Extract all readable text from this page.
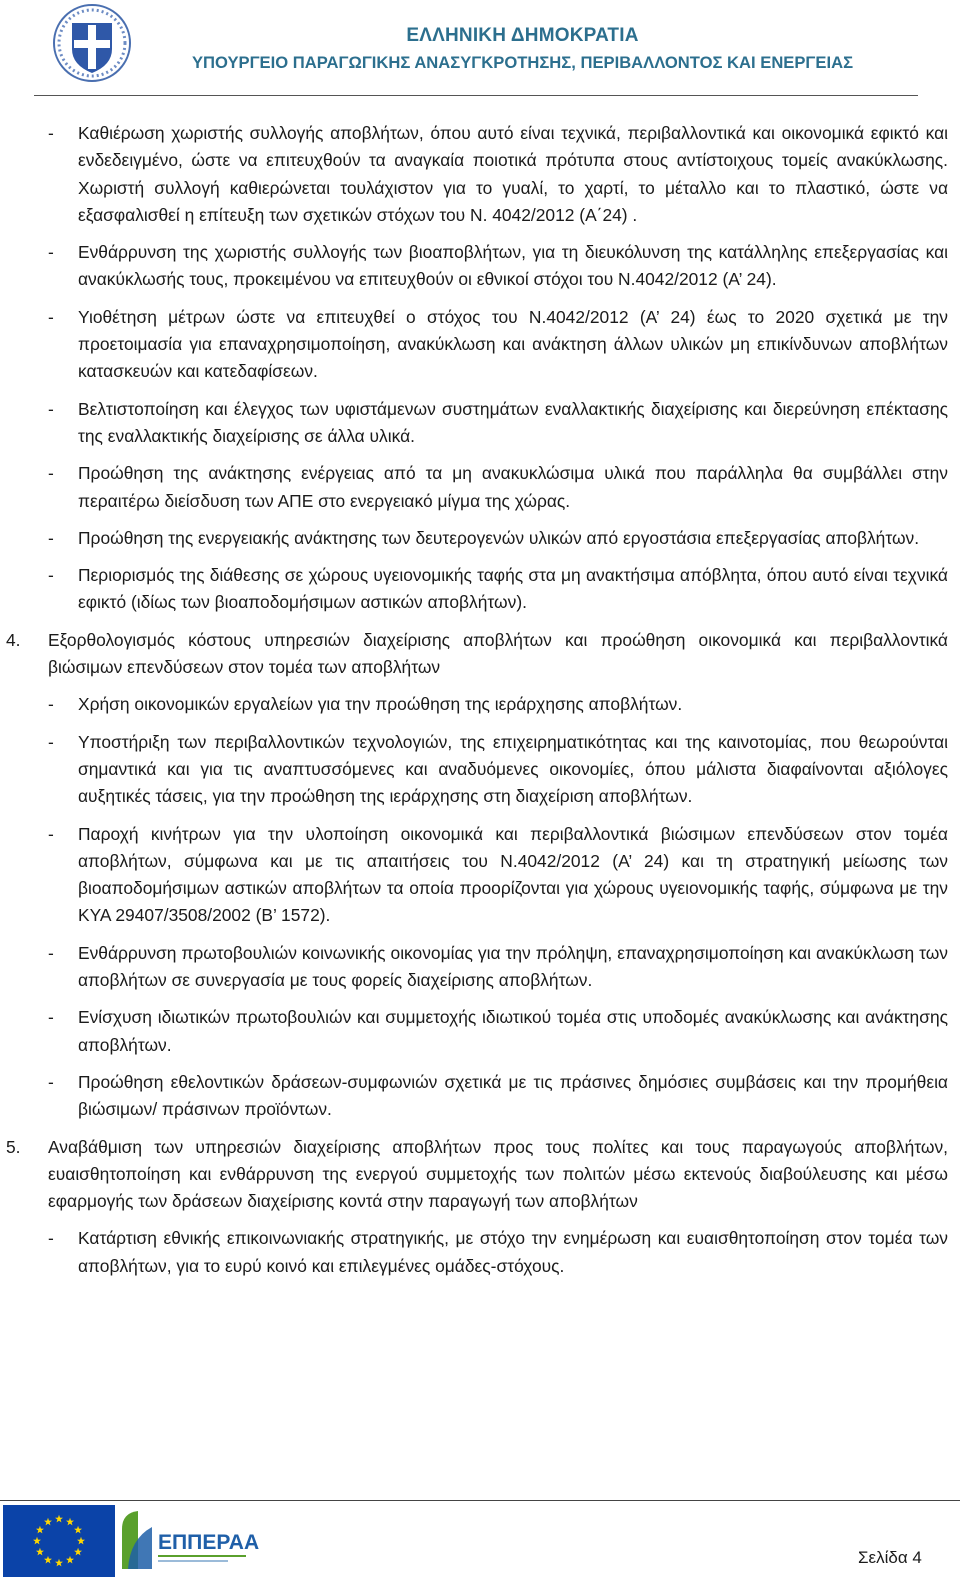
ΕΛΛΗΝΙΚΗ ΔΗΜΟΚΡΑΤΙΑ
ΥΠΟΥΡΓΕΙΟ ΠΑΡΑΓΩΓΙΚΗΣ ΑΝΑΣΥΓΚΡΟΤΗΣΗΣ, ΠΕΡΙΒΑΛΛΟΝΤΟΣ ΚΑΙ ΕΝΕΡΓΕΙΑΣ

- Καθιέρωση χωριστής συλλογής αποβλήτων, όπου αυτό είναι τεχνικά, περιβαλλοντικά και οικονομικά εφικτό και ενδεδειγμένο, ώστε να επιτευχθούν τα αναγκαία ποιοτικά πρότυπα στους αντίστοιχους τομείς ανακύκλωσης. Χωριστή συλλογή καθιερώνεται τουλάχιστον για το γυαλί, το χαρτί, το μέταλλο και το πλαστικό, ώστε να εξασφαλισθεί η επίτευξη των σχετικών στόχων του Ν. 4042/2012 (Α΄24) .

- Ενθάρρυνση της χωριστής συλλογής των βιοαποβλήτων, για τη διευκόλυνση της κατάλληλης επεξεργασίας και ανακύκλωσής τους, προκειμένου να επιτευχθούν οι εθνικοί στόχοι του Ν.4042/2012 (Α’ 24).

- Υιοθέτηση μέτρων ώστε να επιτευχθεί ο στόχος του Ν.4042/2012 (Α’ 24) έως το 2020 σχετικά με την προετοιμασία για επαναχρησιμοποίηση, ανακύκλωση και ανάκτηση άλλων υλικών μη επικίνδυνων αποβλήτων κατασκευών και κατεδαφίσεων.

- Βελτιστοποίηση και έλεγχος των υφιστάμενων συστημάτων εναλλακτικής διαχείρισης και διερεύνηση επέκτασης της εναλλακτικής διαχείρισης σε άλλα υλικά.

- Προώθηση της ανάκτησης ενέργειας από τα μη ανακυκλώσιμα υλικά που παράλληλα θα συμβάλλει στην περαιτέρω διείσδυση των ΑΠΕ στο ενεργειακό μίγμα της χώρας.

- Προώθηση της ενεργειακής ανάκτησης των δευτερογενών υλικών από εργοστάσια επεξεργασίας αποβλήτων.

- Περιορισμός της διάθεσης σε χώρους υγειονομικής ταφής στα μη ανακτήσιμα απόβλητα, όπου αυτό είναι τεχνικά εφικτό (ιδίως των βιοαποδομήσιμων αστικών αποβλήτων).

4. Εξορθολογισμός κόστους υπηρεσιών διαχείρισης αποβλήτων και προώθηση οικονομικά και περιβαλλοντικά βιώσιμων επενδύσεων στον τομέα των αποβλήτων

- Χρήση οικονομικών εργαλείων για την προώθηση της ιεράρχησης αποβλήτων.

- Υποστήριξη των περιβαλλοντικών τεχνολογιών, της επιχειρηματικότητας και της καινοτομίας, που θεωρούνται σημαντικά και για τις αναπτυσσόμενες και αναδυόμενες οικονομίες, όπου μάλιστα διαφαίνονται αξιόλογες αυξητικές τάσεις, για την προώθηση της ιεράρχησης στη διαχείριση αποβλήτων.

- Παροχή κινήτρων για την υλοποίηση οικονομικά και περιβαλλοντικά βιώσιμων επενδύσεων στον τομέα αποβλήτων, σύμφωνα και με τις απαιτήσεις του Ν.4042/2012 (Α’ 24) και τη στρατηγική μείωσης των βιοαποδομήσιμων αστικών αποβλήτων τα οποία προορίζονται για χώρους υγειονομικής ταφής, σύμφωνα με την ΚΥΑ 29407/3508/2002 (Β’ 1572).

- Ενθάρρυνση πρωτοβουλιών κοινωνικής οικονομίας για την πρόληψη, επαναχρησιμοποίηση και ανακύκλωση των αποβλήτων σε συνεργασία με τους φορείς διαχείρισης αποβλήτων.

- Ενίσχυση ιδιωτικών πρωτοβουλιών και συμμετοχής ιδιωτικού τομέα στις υποδομές ανακύκλωσης και ανάκτησης αποβλήτων.

- Προώθηση εθελοντικών δράσεων-συμφωνιών σχετικά με τις πράσινες δημόσιες συμβάσεις και την προμήθεια βιώσιμων/ πράσινων προϊόντων.

5. Αναβάθμιση των υπηρεσιών διαχείρισης αποβλήτων προς τους πολίτες και τους παραγωγούς αποβλήτων, ευαισθητοποίηση και ενθάρρυνση της ενεργού συμμετοχής των πολιτών μέσω εκτενούς διαβούλευσης και μέσω εφαρμογής των δράσεων διαχείρισης κοντά στην παραγωγή των αποβλήτων

- Κατάρτιση εθνικής επικοινωνιακής στρατηγικής, με στόχο την ενημέρωση και ευαισθητοποίηση στον τομέα των αποβλήτων, για το ευρύ κοινό και επιλεγμένες ομάδες-στόχους.

ΕΠΠΕΡΑΑ
Σελίδα 4
